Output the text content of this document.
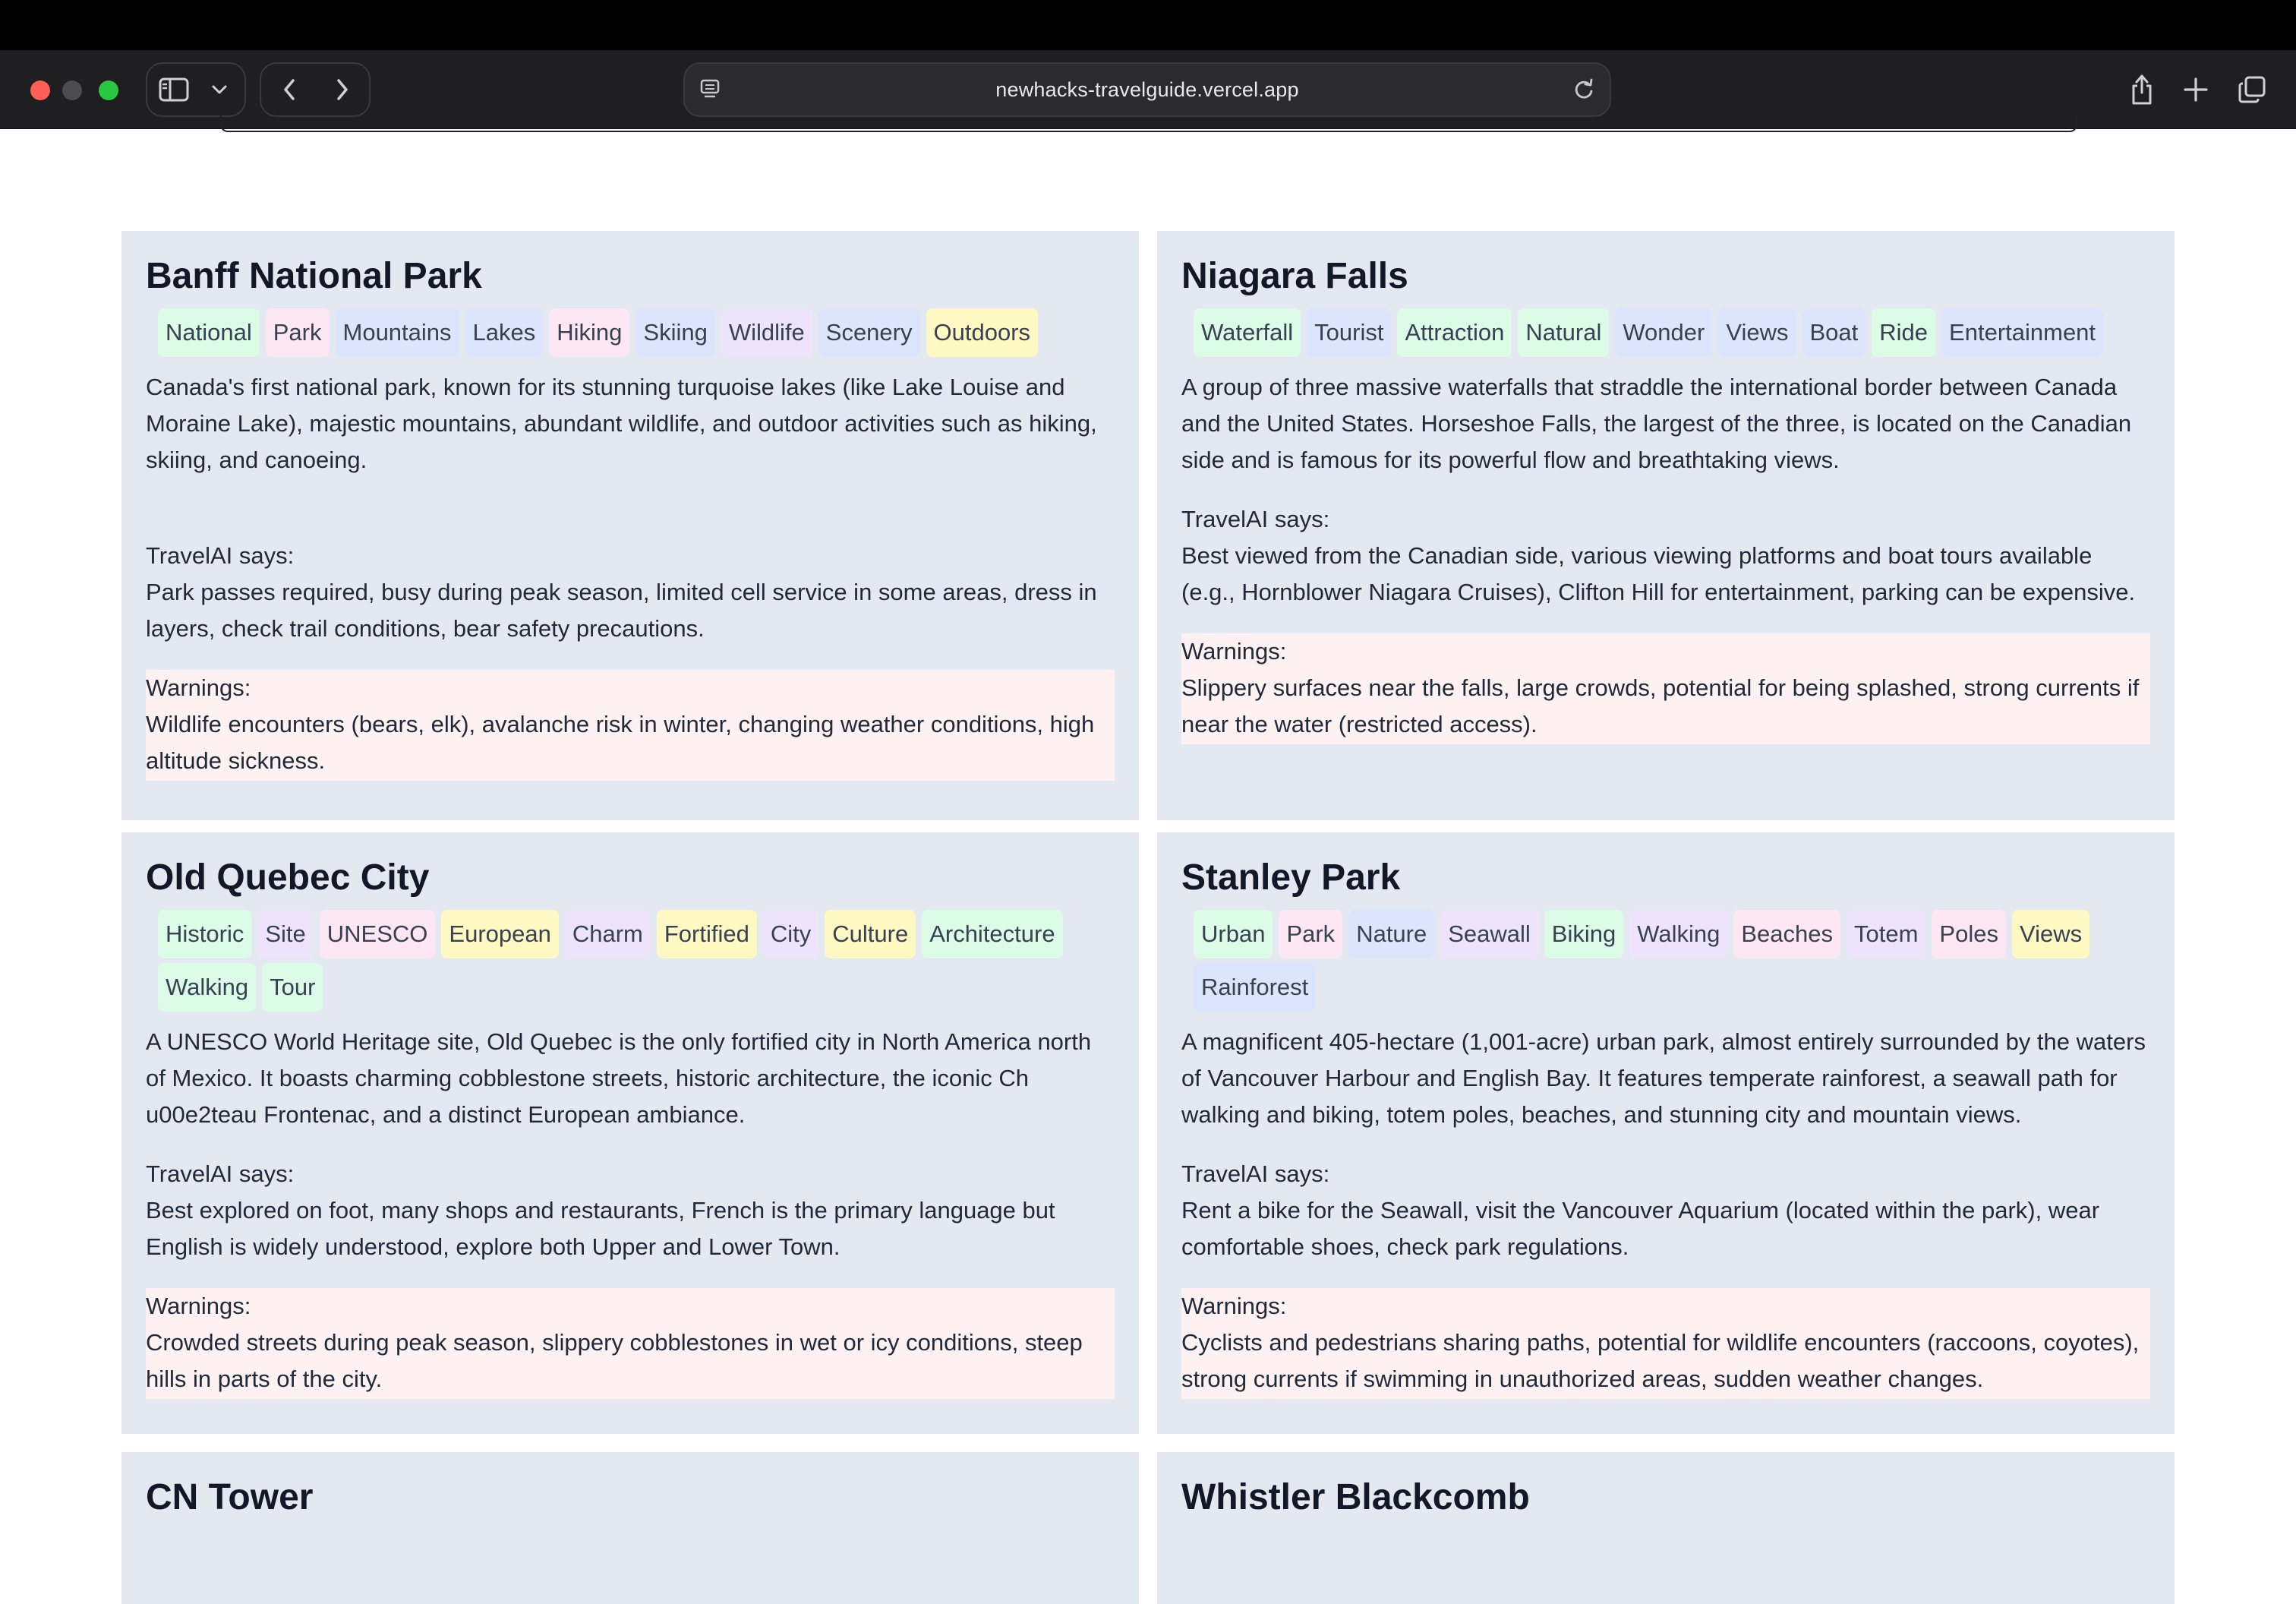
newhacks-travelguide.vercel.app
Banff National Park
National Park Mountains Lakes Hiking Skiing Wildlife Scenery Outdoors

Canada's first national park, known for its stunning turquoise lakes (like Lake Louise and Moraine Lake), majestic mountains, abundant wildlife, and outdoor activities such as hiking, skiing, and canoeing.

TravelAI says:
Park passes required, busy during peak season, limited cell service in some areas, dress in layers, check trail conditions, bear safety precautions.
Warnings:
Wildlife encounters (bears, elk), avalanche risk in winter, changing weather conditions, high altitude sickness.
Niagara Falls
Waterfall Tourist Attraction Natural Wonder Views Boat Ride Entertainment

A group of three massive waterfalls that straddle the international border between Canada and the United States. Horseshoe Falls, the largest of the three, is located on the Canadian side and is famous for its powerful flow and breathtaking views.

TravelAI says:
Best viewed from the Canadian side, various viewing platforms and boat tours available (e.g., Hornblower Niagara Cruises), Clifton Hill for entertainment, parking can be expensive.
Warnings:
Slippery surfaces near the falls, large crowds, potential for being splashed, strong currents if near the water (restricted access).
Old Quebec City
Historic Site UNESCO European Charm Fortified City Culture Architecture
Walking Tour

A UNESCO World Heritage site, Old Quebec is the only fortified city in North America north of Mexico. It boasts charming cobblestone streets, historic architecture, the iconic Ch u00e2teau Frontenac, and a distinct European ambiance.

TravelAI says:
Best explored on foot, many shops and restaurants, French is the primary language but English is widely understood, explore both Upper and Lower Town.
Warnings:
Crowded streets during peak season, slippery cobblestones in wet or icy conditions, steep hills in parts of the city.
Stanley Park
Urban Park Nature Seawall Biking Walking Beaches Totem Poles Views
Rainforest

A magnificent 405-hectare (1,001-acre) urban park, almost entirely surrounded by the waters of Vancouver Harbour and English Bay. It features temperate rainforest, a seawall path for walking and biking, totem poles, beaches, and stunning city and mountain views.

TravelAI says:
Rent a bike for the Seawall, visit the Vancouver Aquarium (located within the park), wear comfortable shoes, check park regulations.
Warnings:
Cyclists and pedestrians sharing paths, potential for wildlife encounters (raccoons, coyotes), strong currents if swimming in unauthorized areas, sudden weather changes.
CN Tower	Whistler Blackcomb
